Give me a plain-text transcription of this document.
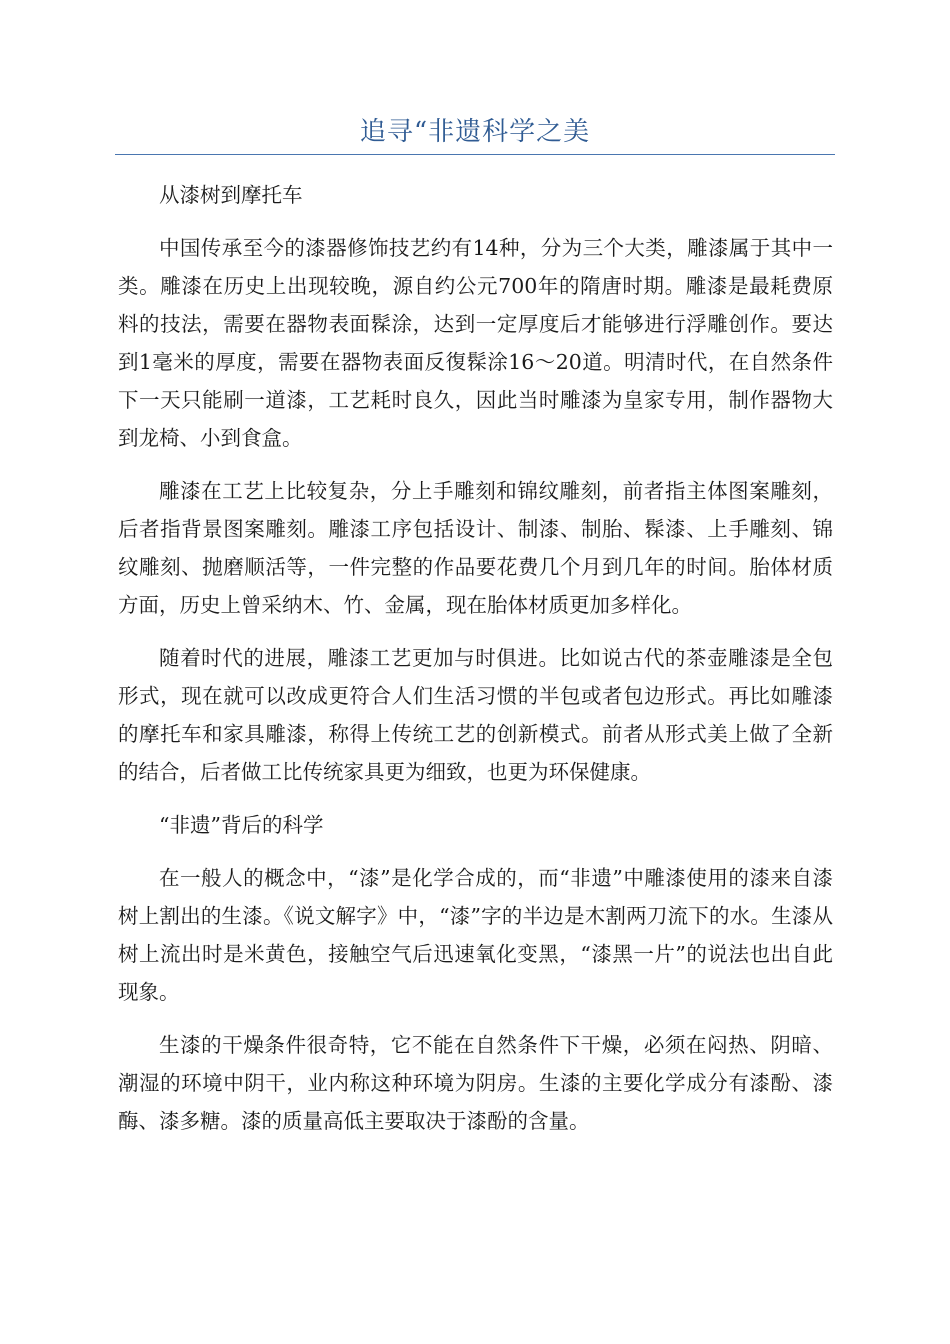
追寻“非遗科学之美

从漆树到摩托车

中国传承至今的漆器修饰技艺约有14种，分为三个大类，雕漆属于其中一类。雕漆在历史上出现较晚，源自约公元700年的隋唐时期。雕漆是最耗费原料的技法，需要在器物表面髹涂，达到一定厚度后才能够进行浮雕创作。要达到1毫米的厚度，需要在器物表面反復髹涂16～20道。明清时代，在自然条件下一天只能刷一道漆，工艺耗时良久，因此当时雕漆为皇家专用，制作器物大到龙椅、小到食盒。

雕漆在工艺上比较复杂，分上手雕刻和锦纹雕刻，前者指主体图案雕刻，后者指背景图案雕刻。雕漆工序包括设计、制漆、制胎、髹漆、上手雕刻、锦纹雕刻、抛磨顺活等，一件完整的作品要花费几个月到几年的时间。胎体材质方面，历史上曾采纳木、竹、金属，现在胎体材质更加多样化。

随着时代的进展，雕漆工艺更加与时俱进。比如说古代的茶壶雕漆是全包形式，现在就可以改成更符合人们生活习惯的半包或者包边形式。再比如雕漆的摩托车和家具雕漆，称得上传统工艺的创新模式。前者从形式美上做了全新的结合，后者做工比传统家具更为细致，也更为环保健康。

“非遗”背后的科学

在一般人的概念中，“漆”是化学合成的，而“非遗”中雕漆使用的漆来自漆树上割出的生漆。《说文解字》中，“漆”字的半边是木割两刀流下的水。生漆从树上流出时是米黄色，接触空气后迅速氧化变黑，“漆黑一片”的说法也出自此现象。

生漆的干燥条件很奇特，它不能在自然条件下干燥，必须在闷热、阴暗、潮湿的环境中阴干，业内称这种环境为阴房。生漆的主要化学成分有漆酚、漆酶、漆多糖。漆的质量高低主要取决于漆酚的含量。
